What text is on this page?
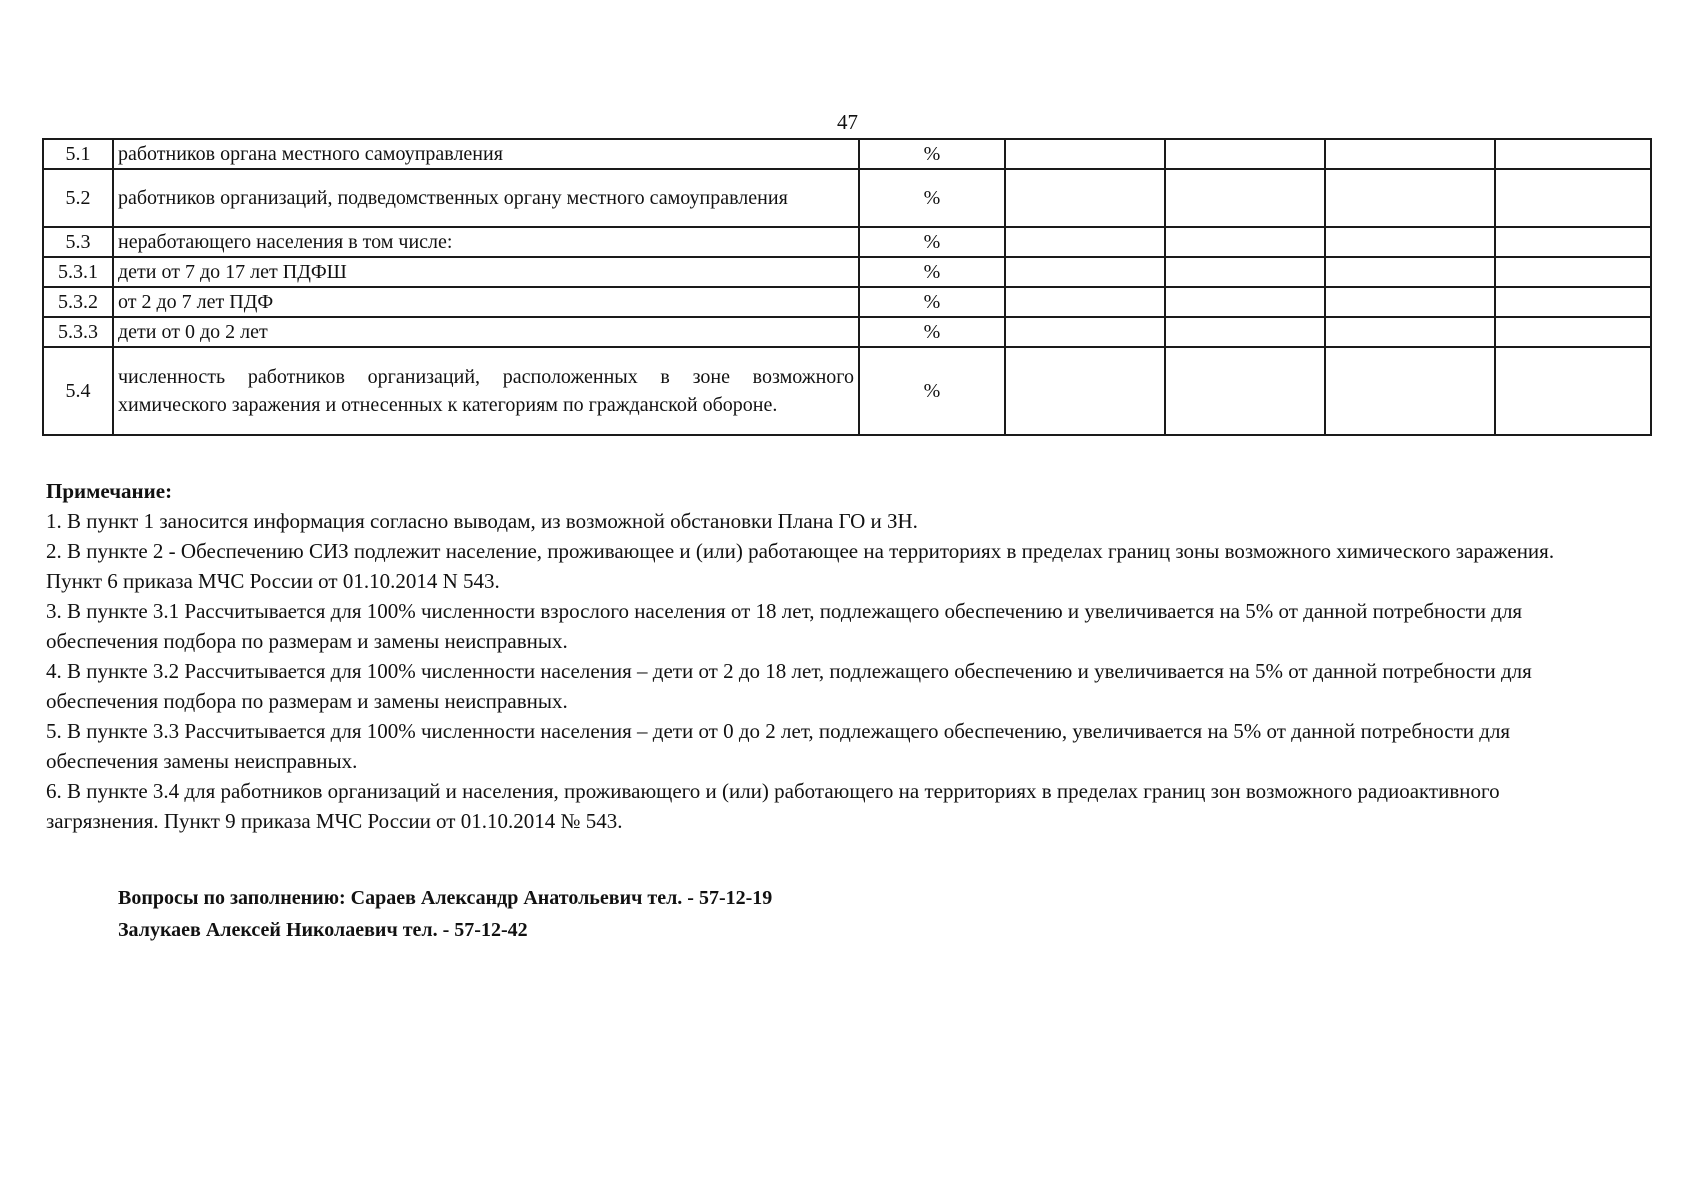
47
5.1	работников органа местного самоуправления	%				
5.2	работников организаций, подведомственных органу местного самоуправления	%				
5.3	неработающего населения в том числе:	%				
5.3.1	дети от 7 до 17 лет ПДФШ	%				
5.3.2	от 2 до 7 лет ПДФ	%				
5.3.3	дети от 0 до 2 лет	%				
5.4	численность работников организаций, расположенных в зоне возможного химического заражения и отнесенных к категориям по гражданской обороне.	%				
Примечание:

1. В пункт 1 заносится информация согласно выводам, из возможной обстановки Плана ГО и ЗН.

2. В пункте 2 - Обеспечению СИЗ подлежит население, проживающее и (или) работающее на территориях в пределах границ зоны возможного химического заражения. Пункт 6 приказа МЧС России от 01.10.2014 N 543.

3. В пункте 3.1 Рассчитывается для 100% численности взрослого населения от 18 лет, подлежащего обеспечению и увеличивается на 5% от данной потребности для обеспечения подбора по размерам и замены неисправных.

4. В пункте 3.2 Рассчитывается для 100% численности населения – дети от 2 до 18 лет, подлежащего обеспечению и увеличивается на 5% от данной потребности для обеспечения подбора по размерам и замены неисправных.

5. В пункте 3.3 Рассчитывается для 100% численности населения – дети от 0 до 2 лет, подлежащего обеспечению, увеличивается на 5% от данной потребности для обеспечения замены неисправных.

6. В пункте 3.4 для работников организаций и населения, проживающего и (или) работающего на территориях в пределах границ зон возможного радиоактивного загрязнения. Пункт 9 приказа МЧС России от 01.10.2014 № 543.

Вопросы по заполнению: Сараев Александр Анатольевич тел. - 57-12-19

Залукаев Алексей Николаевич тел. - 57-12-42
